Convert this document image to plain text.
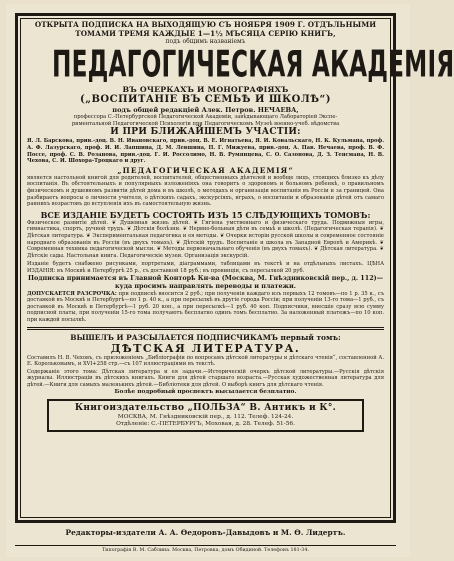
ОТКРЫТА ПОДПИСКА НА ВЫХОДЯЩУЮ СЪ НОЯБРЯ 1909 Г. ОТДЪЛЬНЫМИ
ТОМАМИ ТРЕМЯ КАЖДЫЕ 1—1½ МЪСЯЦА СЕРІЮ КНИГЪ,
подъ общимъ названіемъ
ПЕДАГОГИЧЕСКАЯ АКАДЕМІЯ
ВЪ ОЧЕРКАХЪ И МОНОГРАФІЯХЪ
(„ВОСПИТАНІЕ ВЪ СЕМЬѢ И ШКОЛѢ“)
подъ общей редакціей Алек. Петров. НЕЧАЕВА,
профессора С.-Петербургской Педагогической Академіи, завѣдывающаго Лабораторіей Экспе-
риментальной Педагогической Психологіи при Педагогическомъ Музеѣ военно-учеб. вѣдомства
И ПРИ БЛИЖАЙШЕМЪ УЧАСТІИ:
Я. Л. Барскова, прив.-доц. В. Н. Ивановскаго, прив.-доц. В. Е. Игнатьева, Я. И. Ковальскаго, Н. К. Кульмана, проф. А. Ф. Лазурскаго, проф. И. И. Лапшина, Д. М. Левшина, П. Г. Мижуева, прив.-доц. А. Пав. Нечаева, проф. В. Ф. Поссе, проф. С. В. Розанова, прив.-доц. Г. И. Россолимо, Н. В. Румянцева, С. О. Сазонова, Д. З. Тенсмана, Н. В. Чехова, С. И. Шохора-Троцкаго и друг.
„ПЕДАГОГИЧЕСКАЯ АКАДЕМІЯ“
является настольной книгой для родителей, воспитателей, общественныхъ дѣятелей и вообще лицъ, стоящихъ близко къ дѣлу воспитанія. Въ обстоятельныхъ и популярныхъ изложеніяхъ она говоритъ о здоровомъ и больномъ ребенкѣ, о правильномъ физическомъ и душевномъ развитіи дѣтей дома и въ школѣ, о методахъ и организаціи воспитанія въ Россіи и за границей. Она разбираетъ вопросы о личности учителя, о дѣтскихъ садахъ, экскурсіяхъ, играхъ, о воспитаніи и образованіи дѣтей отъ самаго раннихъ возрастовъ до вступленія ихъ въ самостоятельную жизнь.
ВСЕ ИЗДАНІЕ БУДЕТЪ СОСТОЯТЬ ИЗЪ 15 СЛѢДУЮЩИХЪ ТОМОВЪ:
Физическое развитіе дѣтей. ❦ Душевная жизнь дѣтей. ❦ Гигіена умственнаго и физическаго труда. Подвижныя игры, гимнастика, спортъ, ручной трудъ. ❦ Дѣтскія болѣзни. ❦ Нервно-больныя дѣти въ семьѣ и школѣ. (Педагогическая терапія). ❦ Дѣтская литература. ❦ Экспериментальная педагогика и ея методы. ❦ Очерки исторіи русской школы и современное состояніе народнаго образованія въ Россіи (въ двухъ томахъ). ❦ Дѣтскій трудъ. Воспитаніе и школа въ Западной Европѣ и Америкѣ. ❦ Современная техника педагогической мысли. ❦ Методы первоначальнаго обученія (въ двухъ томахъ). ❦ Дѣтская литература. ❦ Дѣтскіе сады. Настольная книга. Педагогическіе музеи. Организація экскурсій.
Изданіе будетъ снабжено рисунками, портретами, діаграммами, таблицами въ текстѣ и на отдѣльныхъ листахъ. ЦѢНА ИЗДАНІЯ: въ Москвѣ и Петербургѣ 25 р., съ доставкой 18 руб.; въ провинціи, съ пересылкой 20 руб.
Подписка принимается въ Главной Конторѣ Кн-ва (Москва, М. Гнѣздниковскій пер., д. 112)—куда просимъ направлять переводы и платежи.
ДОПУСКАЕТСЯ РАЗСРОЧКА: при подпискѣ вносится 2 руб.; при полученіи каждаго изъ первыхъ 12 томовъ—по 1 р. 35 к., съ доставкой въ Москвѣ и Петербургѣ—по 1 р. 40 к., а при пересылкѣ въ другіе города Россіи; при полученіи 13-го тома—1 руб., съ доставкой въ Москвѣ и Петербургѣ—1 руб. 20 коп., а при пересылкѣ—1 руб. 40 коп. Подписчики, внесшіе сразу всю сумму подписной платы, при полученіи 15-го тома получаютъ бесплатно одинъ томъ бесплатно. За наложенный платежъ—по 10 коп. при каждой посылкѣ.
ВЫШЕЛЪ И РАЗСЫЛАЕТСЯ ПОДПИСЧИКАМЪ первый томъ:
ДѢТСКАЯ ЛИТЕРАТУРА.
Составилъ Н. В. Чеховъ, съ приложеніемъ „Библіографіи по вопросамъ дѣтской литературы и дѣтскаго чтенія“, составленной А. Е. Корольковымъ, и XVI+258 стр.—съ 107 иллюстраціями въ текстѣ.
Содержаніе этого тома: Дѣтская литература и ея задачи.—Историческій очеркъ дѣтской литературы.—Русскія дѣтскія журналы. Иллюстраціи въ дѣтскихъ книгахъ. Книги для дѣтей старшаго возраста.—Русская художественная литература для дѣтей.—Книги для самыхъ маленькихъ дѣтей.—Библіотеки для дѣтей. О выборѣ книгъ для дѣтскаго чтенія.
Болѣе подробный проспектъ высылается безплатно.
Книгоиздательство „ПОЛЬЗА“ В. Антикъ и К°.
МОСКВА, М. Гнѣздниковскій пер., д. 112. Телеф. 124-24.
Отдѣленіе: С.-ПЕТЕРБУРГЪ, Моховая, д. 28. Телеф. 51-56.
Редакторы-издатели А. А. Ѳедоровъ-Давыдовъ и М. Ѳ. Лидертъ.
Типографія В. М. Саблина. Москва, Петровка, домъ Обидиной. Телефонъ 181-34.
